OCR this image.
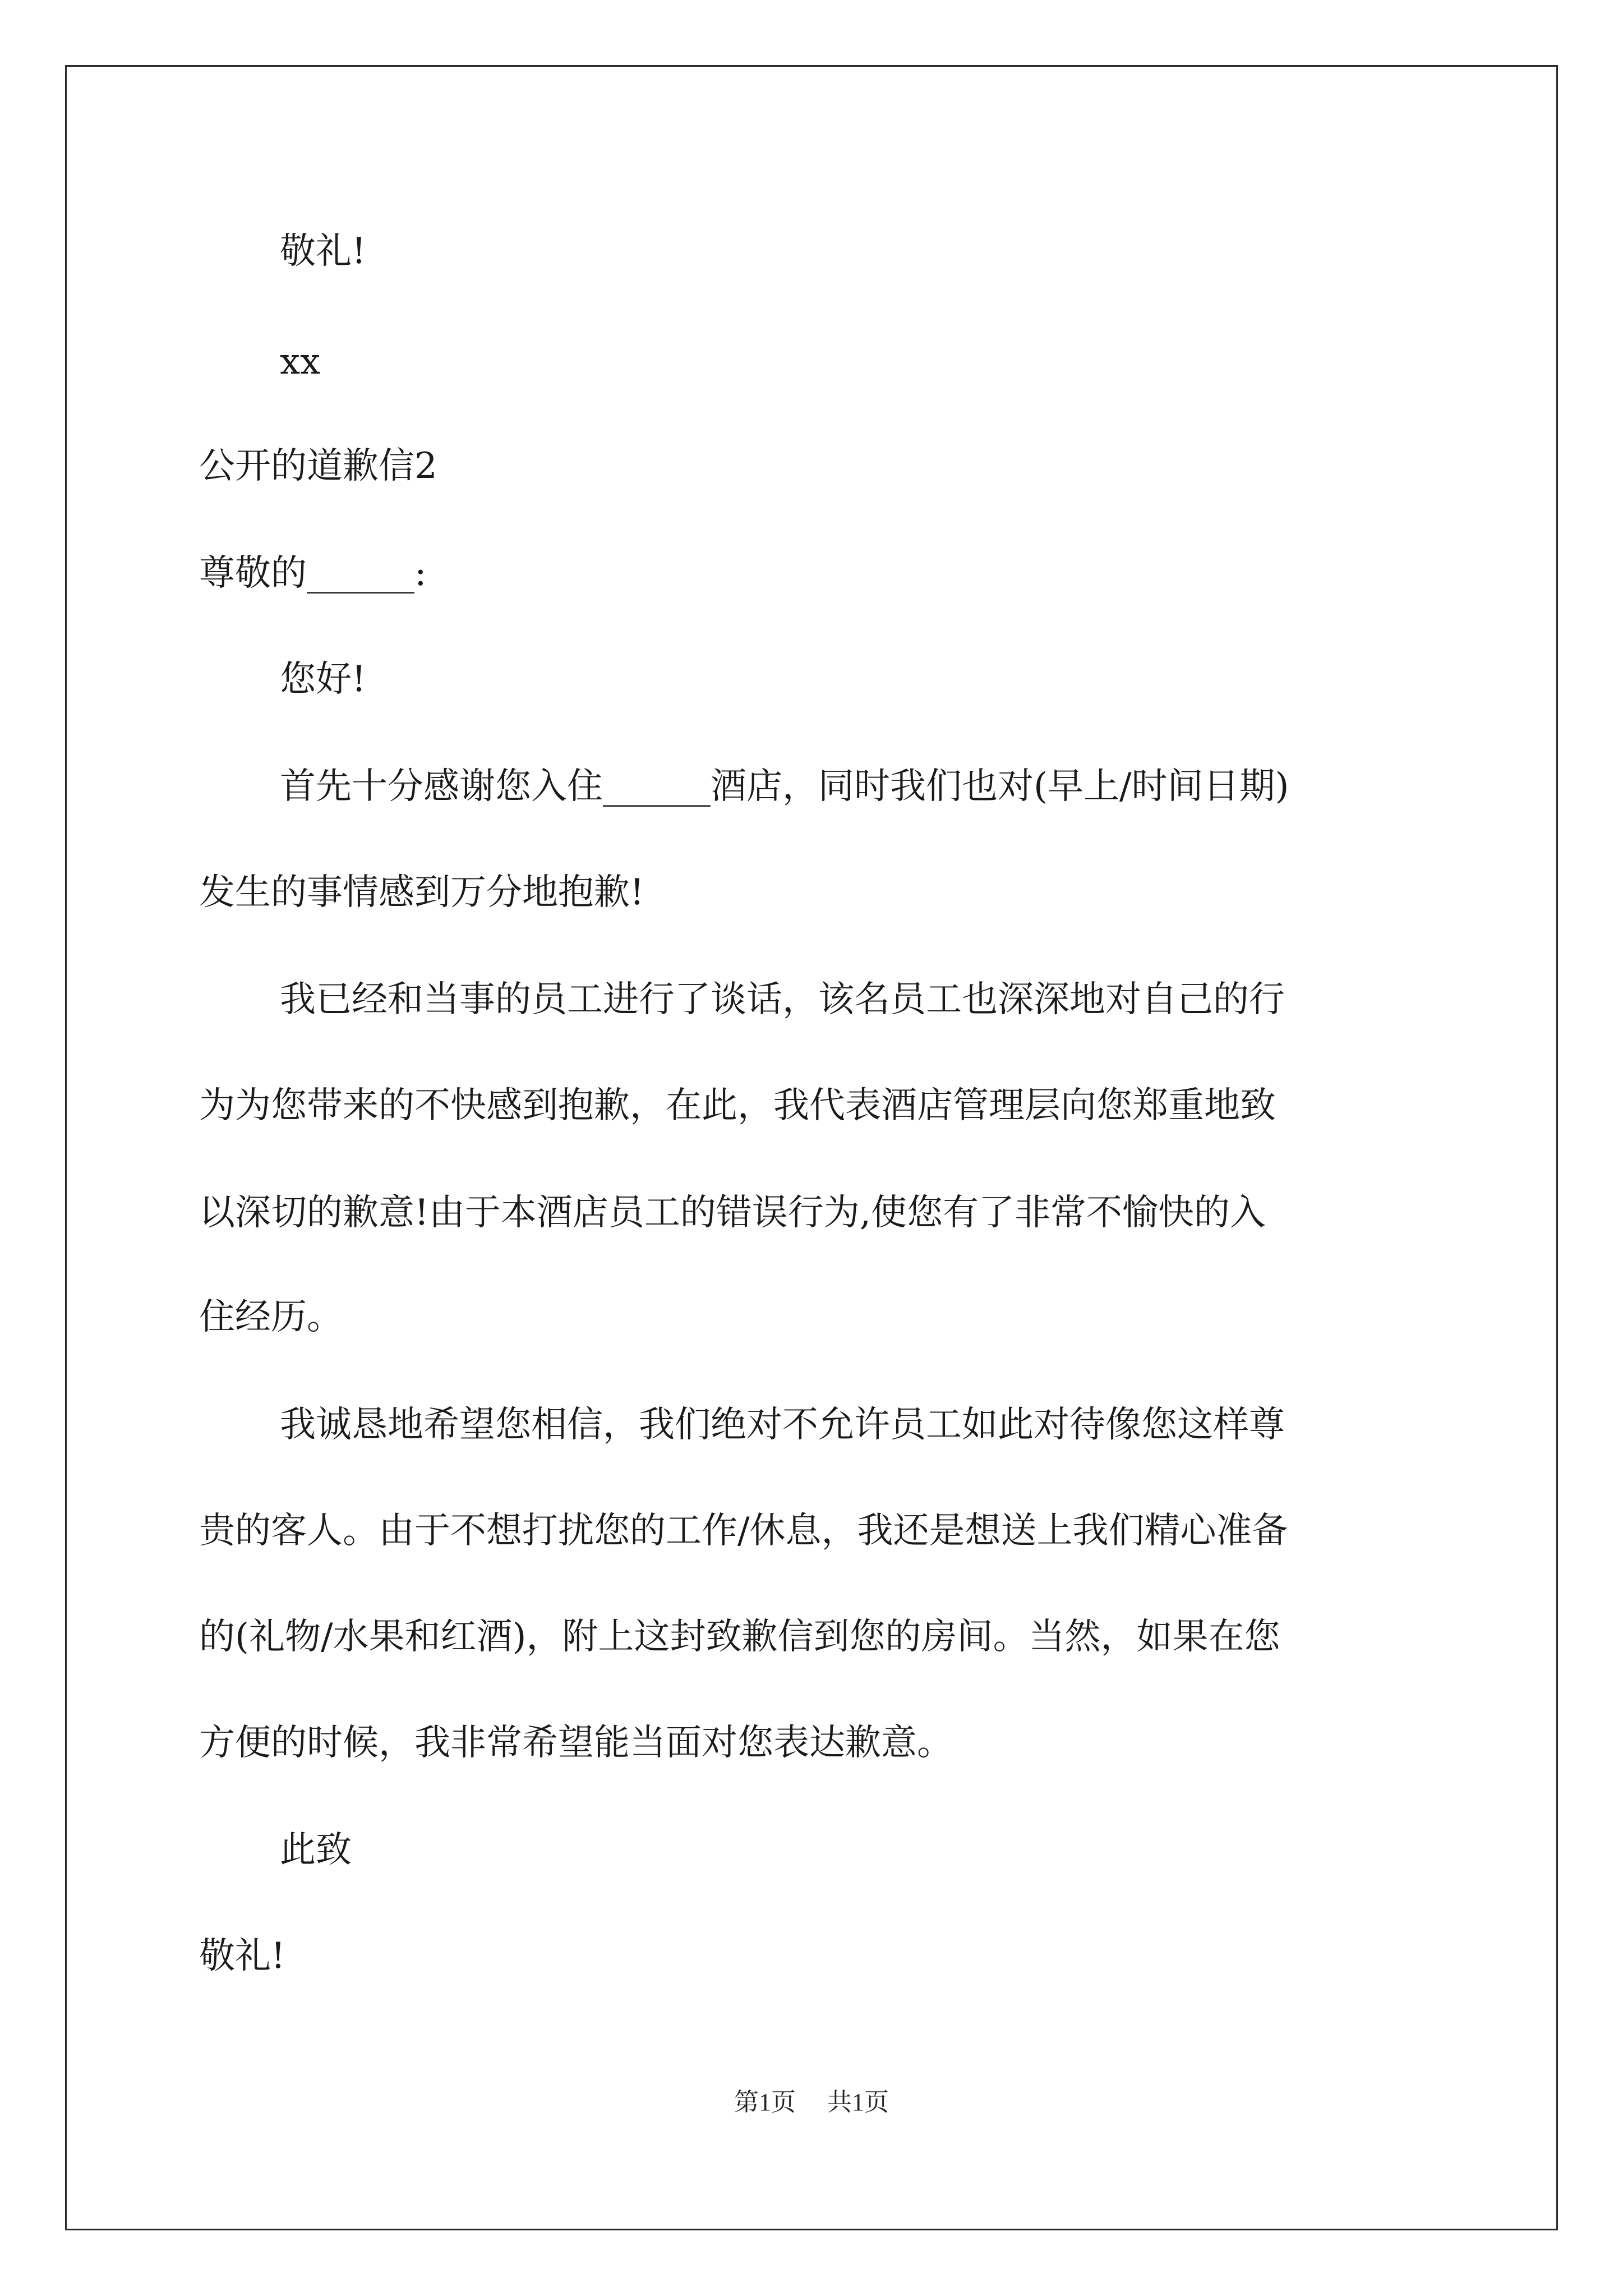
敬礼!

xx

公开的道歉信2

尊敬的______:

您好!

首先十分感谢您入住______酒店，同时我们也对(早上/时间日期)

发生的事情感到万分地抱歉!

我已经和当事的员工进行了谈话，该名员工也深深地对自己的行

为为您带来的不快感到抱歉，在此，我代表酒店管理层向您郑重地致

以深切的歉意!由于本酒店员工的错误行为,使您有了非常不愉快的入

住经历。

我诚恳地希望您相信，我们绝对不允许员工如此对待像您这样尊

贵的客人。由于不想打扰您的工作/休息，我还是想送上我们精心准备

的(礼物/水果和红酒)，附上这封致歉信到您的房间。当然，如果在您

方便的时候，我非常希望能当面对您表达歉意。

此致

敬礼!

第1页 共1页
